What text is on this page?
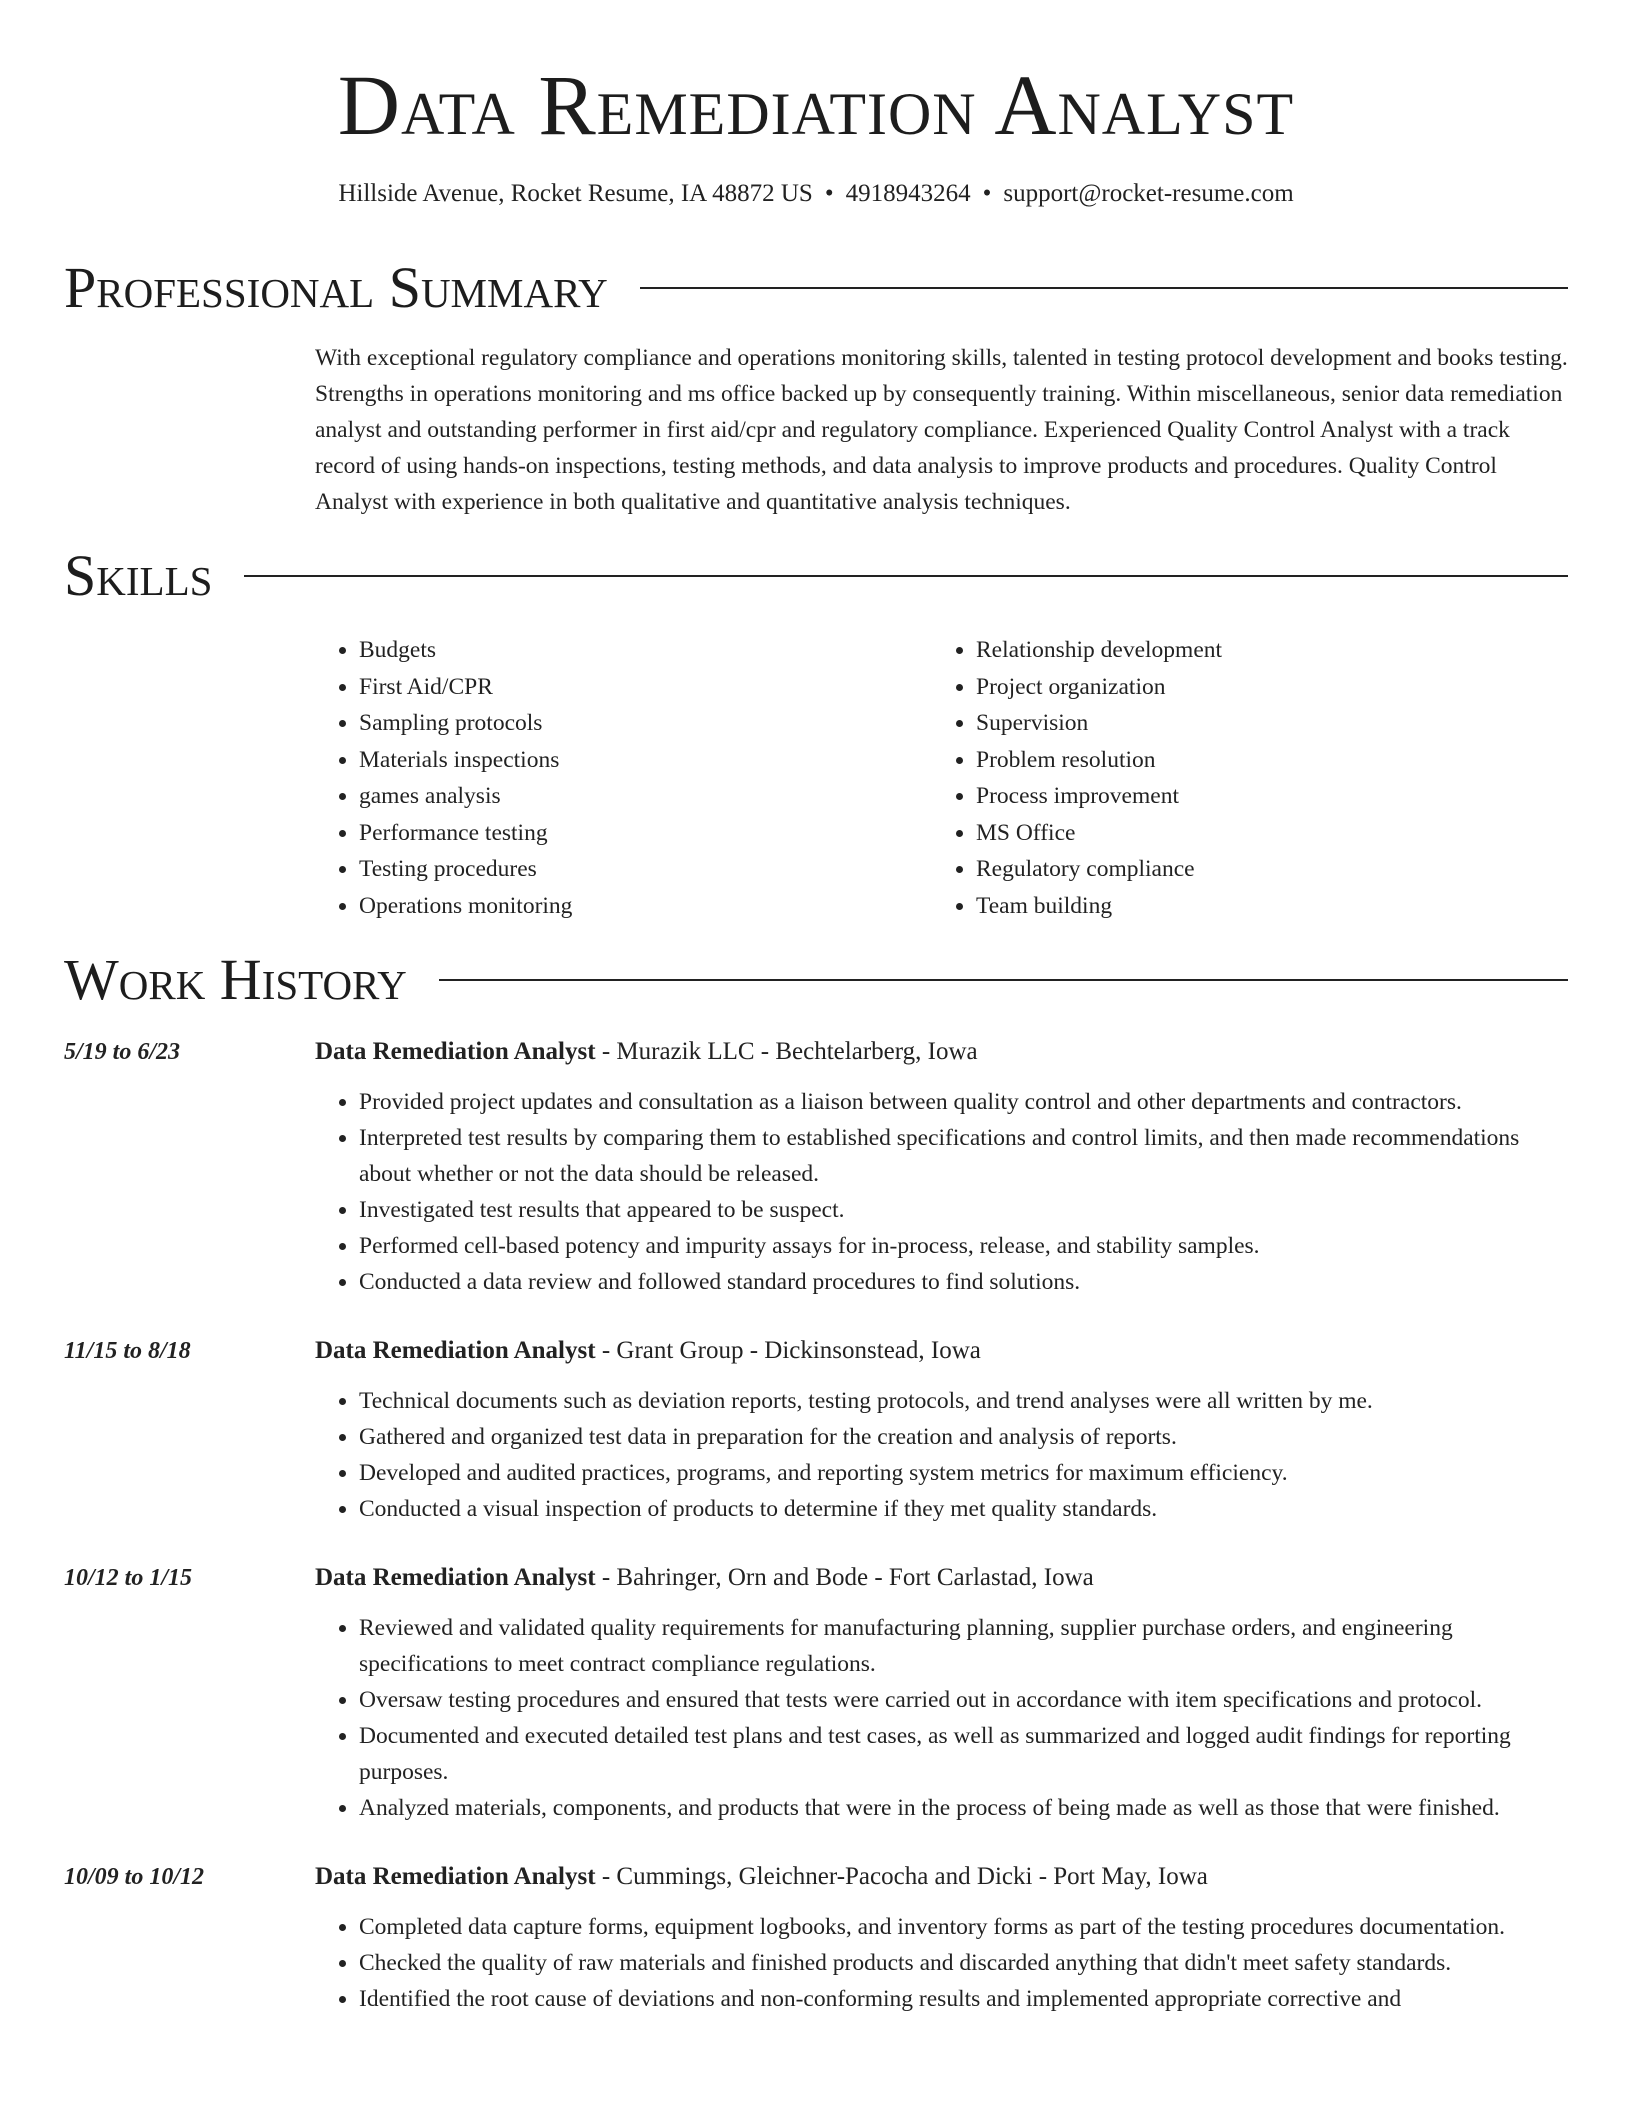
Data Remediation Analyst
Hillside Avenue, Rocket Resume, IA 48872 US • 4918943264 • support@rocket-resume.com
Professional Summary

With exceptional regulatory compliance and operations monitoring skills, talented in testing protocol development and books testing. Strengths in operations monitoring and ms office backed up by consequently training. Within miscellaneous, senior data remediation analyst and outstanding performer in first aid/cpr and regulatory compliance. Experienced Quality Control Analyst with a track record of using hands-on inspections, testing methods, and data analysis to improve products and procedures. Quality Control Analyst with experience in both qualitative and quantitative analysis techniques.

Skills
• Budgets
• First Aid/CPR
• Sampling protocols
• Materials inspections
• games analysis
• Performance testing
• Testing procedures
• Operations monitoring
• Relationship development
• Project organization
• Supervision
• Problem resolution
• Process improvement
• MS Office
• Regulatory compliance
• Team building
Work History
5/19 to 6/23	Data Remediation Analyst - Murazik LLC - Bechtelarberg, Iowa
• Provided project updates and consultation as a liaison between quality control and other departments and contractors.
• Interpreted test results by comparing them to established specifications and control limits, and then made recommendations about whether or not the data should be released.
• Investigated test results that appeared to be suspect.
• Performed cell-based potency and impurity assays for in-process, release, and stability samples.
• Conducted a data review and followed standard procedures to find solutions.
11/15 to 8/18	Data Remediation Analyst - Grant Group - Dickinsonstead, Iowa
• Technical documents such as deviation reports, testing protocols, and trend analyses were all written by me.
• Gathered and organized test data in preparation for the creation and analysis of reports.
• Developed and audited practices, programs, and reporting system metrics for maximum efficiency.
• Conducted a visual inspection of products to determine if they met quality standards.
10/12 to 1/15	Data Remediation Analyst - Bahringer, Orn and Bode - Fort Carlastad, Iowa
• Reviewed and validated quality requirements for manufacturing planning, supplier purchase orders, and engineering specifications to meet contract compliance regulations.
• Oversaw testing procedures and ensured that tests were carried out in accordance with item specifications and protocol.
• Documented and executed detailed test plans and test cases, as well as summarized and logged audit findings for reporting purposes.
• Analyzed materials, components, and products that were in the process of being made as well as those that were finished.
10/09 to 10/12	Data Remediation Analyst - Cummings, Gleichner-Pacocha and Dicki - Port May, Iowa
• Completed data capture forms, equipment logbooks, and inventory forms as part of the testing procedures documentation.
• Checked the quality of raw materials and finished products and discarded anything that didn't meet safety standards.
• Identified the root cause of deviations and non-conforming results and implemented appropriate corrective and
